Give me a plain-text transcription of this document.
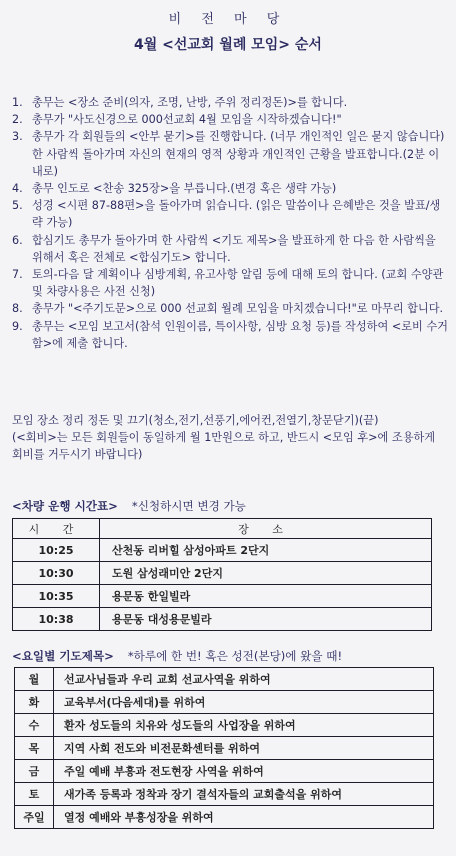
비 전 마 당
4월 <선교회 월례 모임> 순서
1. 총무는 <장소 준비(의자, 조명, 난방, 주위 정리정돈)>를 합니다.
2. 총무가 "사도신경으로 000선교회 4월 모임을 시작하겠습니다!"
3. 총무가 각 회원들의 <안부 묻기>를 진행합니다. (너무 개인적인 일은 묻지 않습니다) 한 사람씩 돌아가며 자신의 현재의 영적 상황과 개인적인 근황을 발표합니다.(2분 이내로)
4. 총무 인도로 <찬송 325장>을 부릅니다.(변경 혹은 생략 가능)
5. 성경 <시편 87-88편>을 돌아가며 읽습니다. (읽은 말씀이나 은혜받은 것을 발표/생략 가능)
6. 합심기도 총무가 돌아가며 한 사람씩 <기도 제목>을 발표하게 한 다음 한 사람씩을 위해서 혹은 전체로 <합심기도> 합니다.
7. 토의-다음 달 계획이나 심방계획, 유고사항 알림 등에 대해 토의 합니다. (교회 수양관 및 차량사용은 사전 신청)
8. 총무가 "<주기도문>으로 000 선교회 월례 모임을 마치겠습니다!"로 마무리 합니다.
9. 총무는 <모임 보고서(참석 인원이름, 특이사항, 심방 요청 등)를 작성하여 <로비 수거함>에 제출 합니다.
모임 장소 정리 정돈 및 끄기(청소,전기,선풍기,에어컨,전열기,창문닫기)(끝)
(<회비>는 모든 회원들이 동일하게 월 1만원으로 하고, 반드시 <모임 후>에 조용하게 회비를 거두시기 바랍니다)
<차량 운행 시간표> *신청하시면 변경 가능
시 간	장 소
10:25	산천동 리버힐 삼성아파트 2단지
10:30	도원 삼성래미안 2단지
10:35	용문동 한일빌라
10:38	용문동 대성용문빌라
<요일별 기도제목> *하루에 한 번! 혹은 성전(본당)에 왔을 때!
월	선교사님들과 우리 교회 선교사역을 위하여
화	교육부서(다음세대)를 위하여
수	환자 성도들의 치유와 성도들의 사업장을 위하여
목	지역 사회 전도와 비전문화센터를 위하여
금	주일 예배 부흥과 전도현장 사역을 위하여
토	새가족 등록과 정착과 장기 결석자들의 교회출석을 위하여
주일	열정 예배와 부흥성장을 위하여
